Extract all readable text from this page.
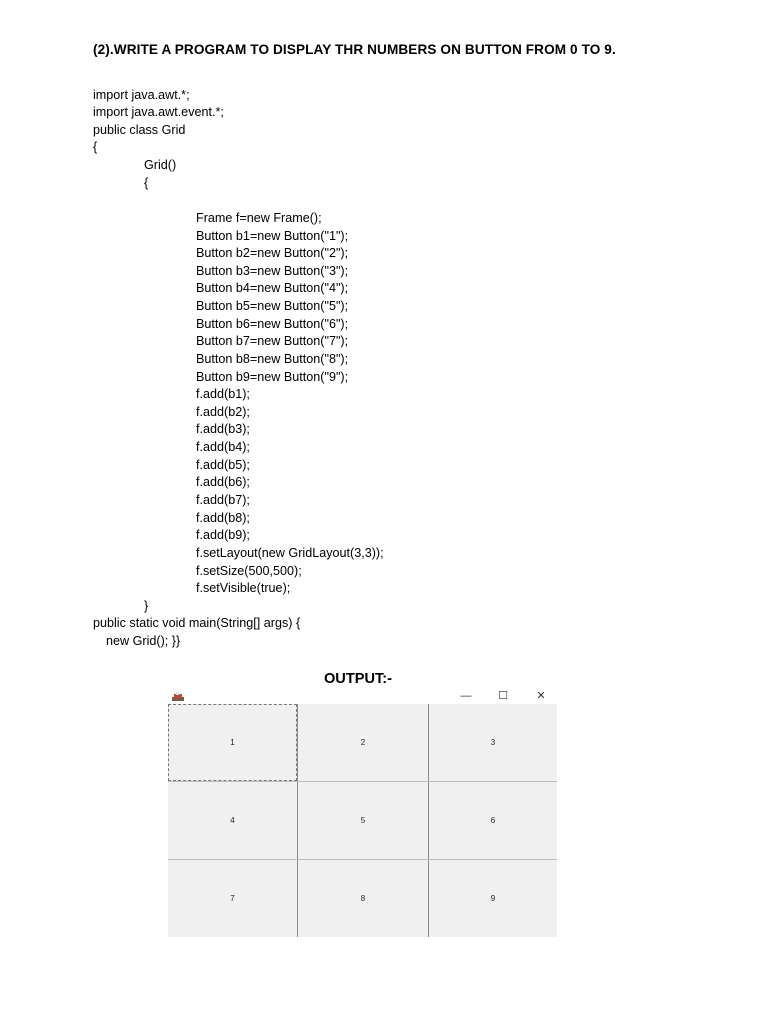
(2).WRITE A PROGRAM TO DISPLAY THR NUMBERS ON BUTTON FROM 0 TO 9.
import java.awt.*;
import java.awt.event.*;
public class Grid
{
Grid()
{
Frame f=new Frame();
Button b1=new Button("1");
Button b2=new Button("2");
Button b3=new Button("3");
Button b4=new Button("4");
Button b5=new Button("5");
Button b6=new Button("6");
Button b7=new Button("7");
Button b8=new Button("8");
Button b9=new Button("9");
f.add(b1);
f.add(b2);
f.add(b3);
f.add(b4);
f.add(b5);
f.add(b6);
f.add(b7);
f.add(b8);
f.add(b9);
f.setLayout(new GridLayout(3,3));
f.setSize(500,500);
f.setVisible(true);
}
public static void main(String[] args) {
new Grid(); }}
OUTPUT:-
—	☐	✕
1	2	3
4	5	6
7	8	9
